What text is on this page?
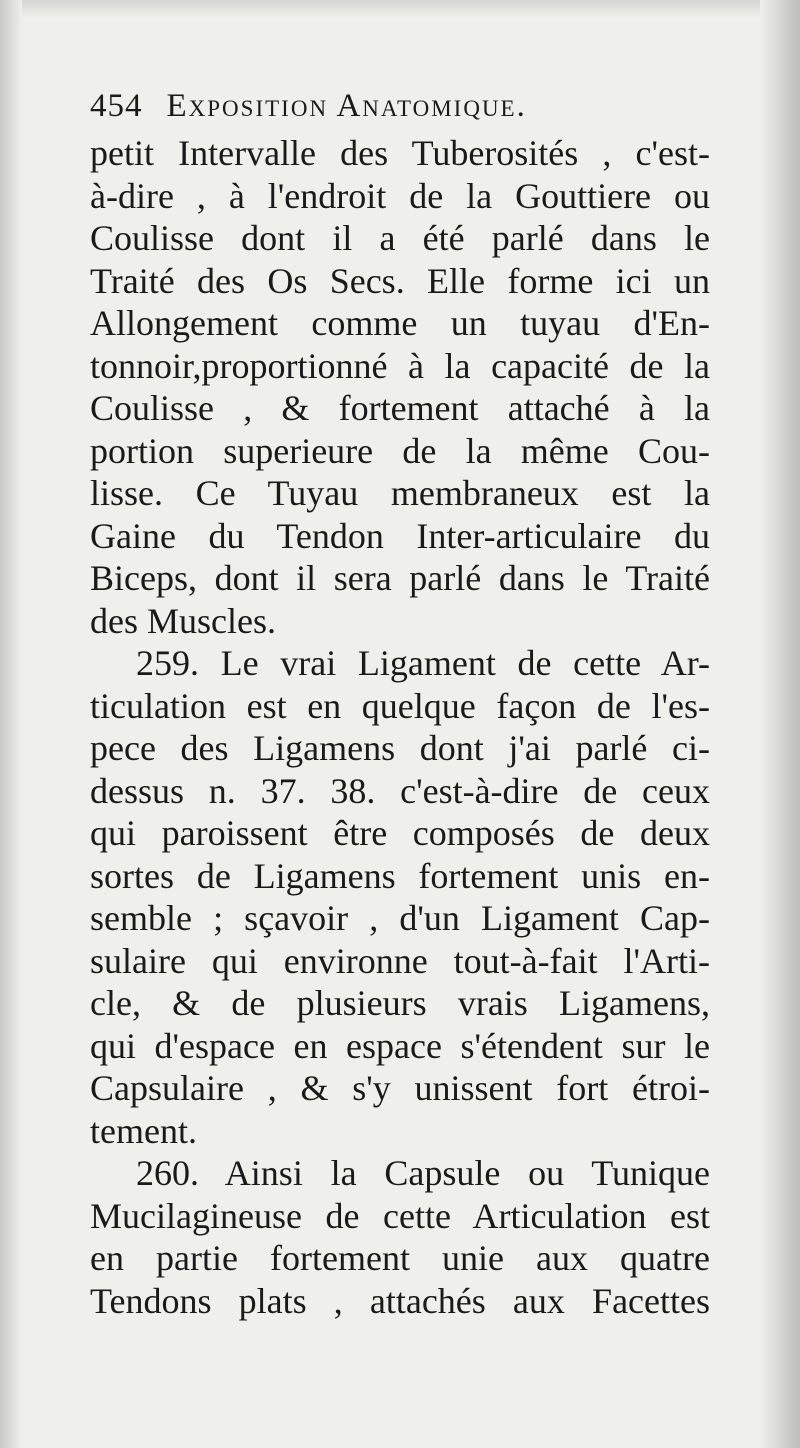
454 Exposition Anatomique.
petit Intervalle des Tuberosités , c'est-
à-dire , à l'endroit de la Gouttiere ou
Coulisse dont il a été parlé dans le
Traité des Os Secs. Elle forme ici un
Allongement comme un tuyau d'En-
tonnoir,proportionné à la capacité de la
Coulisse , & fortement attaché à la
portion superieure de la même Cou-
lisse. Ce Tuyau membraneux est la
Gaine du Tendon Inter-articulaire du
Biceps, dont il sera parlé dans le Traité
des Muscles.
259. Le vrai Ligament de cette Ar-
ticulation est en quelque façon de l'es-
pece des Ligamens dont j'ai parlé ci-
dessus n. 37. 38. c'est-à-dire de ceux
qui paroissent être composés de deux
sortes de Ligamens fortement unis en-
semble ; sçavoir , d'un Ligament Cap-
sulaire qui environne tout-à-fait l'Arti-
cle, & de plusieurs vrais Ligamens,
qui d'espace en espace s'étendent sur le
Capsulaire , & s'y unissent fort étroi-
tement.
260. Ainsi la Capsule ou Tunique
Mucilagineuse de cette Articulation est
en partie fortement unie aux quatre
Tendons plats , attachés aux Facettes
